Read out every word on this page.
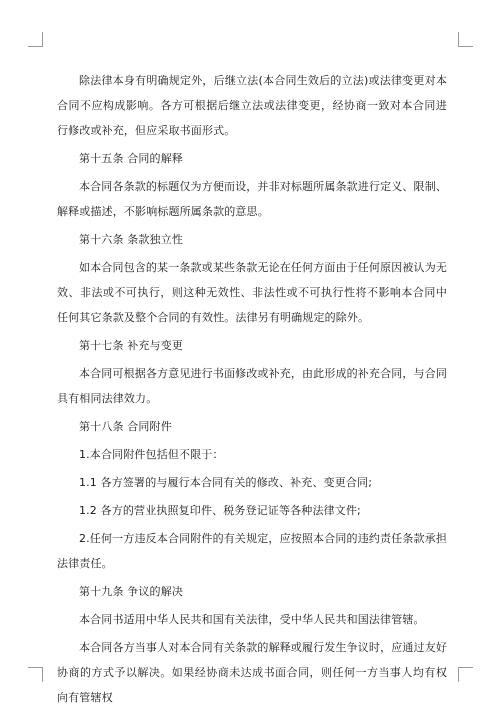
除法律本身有明确规定外，后继立法(本合同生效后的立法)或法律变更对本合同不应构成影响。各方可根据后继立法或法律变更，经协商一致对本合同进行修改或补充，但应采取书面形式。

第十五条 合同的解释

本合同各条款的标题仅为方便而设，并非对标题所属条款进行定义、限制、解释或描述，不影响标题所属条款的意思。

第十六条 条款独立性

如本合同包含的某一条款或某些条款无论在任何方面由于任何原因被认为无效、非法或不可执行，则这种无效性、非法性或不可执行性将不影响本合同中任何其它条款及整个合同的有效性。法律另有明确规定的除外。

第十七条 补充与变更

本合同可根据各方意见进行书面修改或补充，由此形成的补充合同，与合同具有相同法律效力。

第十八条 合同附件

1.本合同附件包括但不限于：

1.1 各方签署的与履行本合同有关的修改、补充、变更合同;

1.2 各方的营业执照复印件、税务登记证等各种法律文件;

2.任何一方违反本合同附件的有关规定，应按照本合同的违约责任条款承担法律责任。

第十九条 争议的解决

本合同书适用中华人民共和国有关法律，受中华人民共和国法律管辖。

本合同各方当事人对本合同有关条款的解释或履行发生争议时，应通过友好协商的方式予以解决。如果经协商未达成书面合同，则任何一方当事人均有权向有管辖权
